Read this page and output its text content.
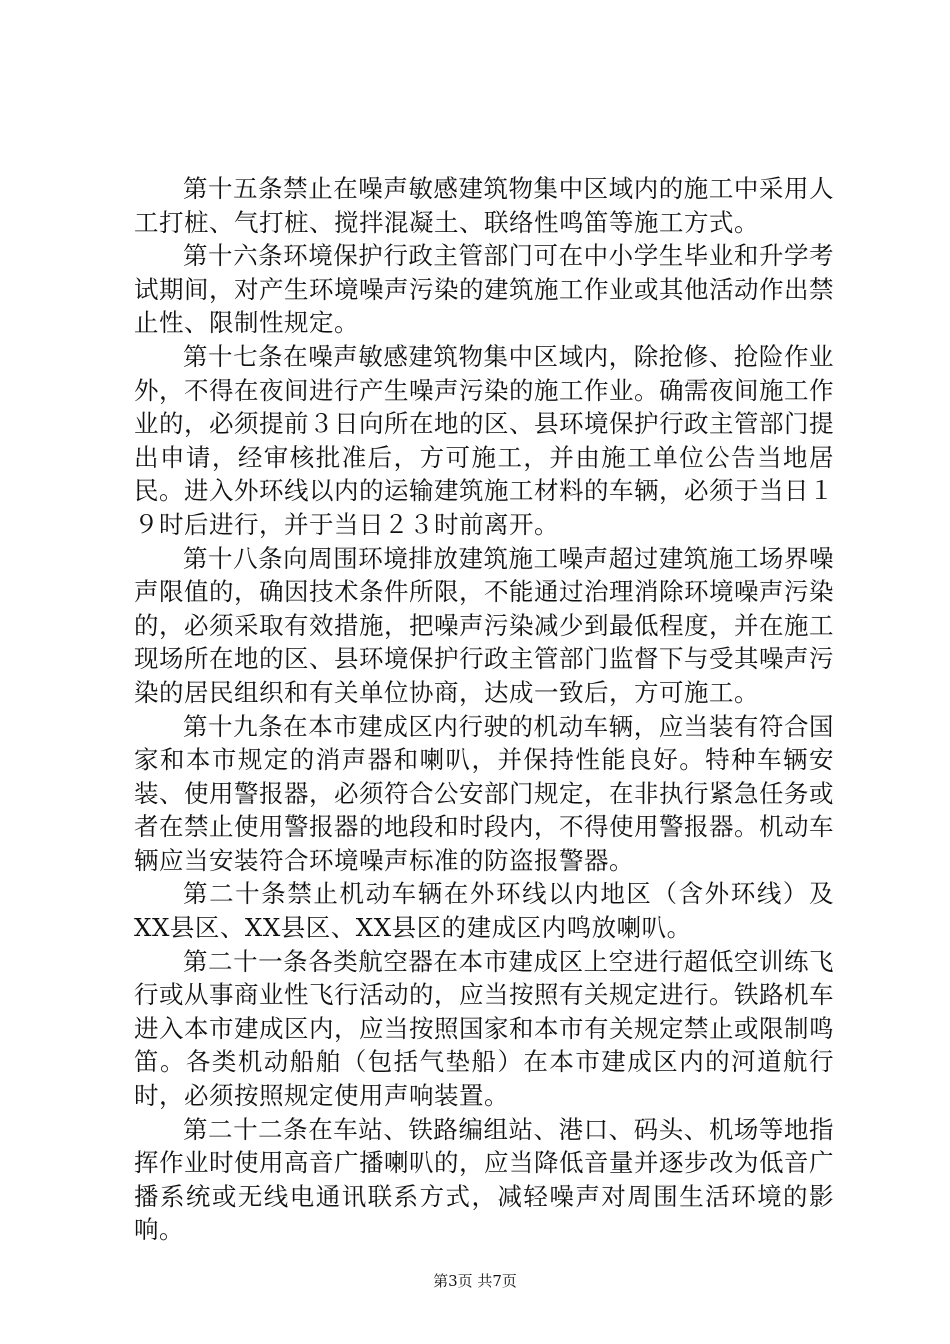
第十五条禁止在噪声敏感建筑物集中区域内的施工中采用人工打桩、气打桩、搅拌混凝土、联络性鸣笛等施工方式。

第十六条环境保护行政主管部门可在中小学生毕业和升学考试期间，对产生环境噪声污染的建筑施工作业或其他活动作出禁止性、限制性规定。

第十七条在噪声敏感建筑物集中区域内，除抢修、抢险作业外，不得在夜间进行产生噪声污染的施工作业。确需夜间施工作业的，必须提前３日向所在地的区、县环境保护行政主管部门提出申请，经审核批准后，方可施工，并由施工单位公告当地居民。进入外环线以内的运输建筑施工材料的车辆，必须于当日１９时后进行，并于当日２３时前离开。

第十八条向周围环境排放建筑施工噪声超过建筑施工场界噪声限值的，确因技术条件所限，不能通过治理消除环境噪声污染的，必须采取有效措施，把噪声污染减少到最低程度，并在施工现场所在地的区、县环境保护行政主管部门监督下与受其噪声污染的居民组织和有关单位协商，达成一致后，方可施工。

第十九条在本市建成区内行驶的机动车辆，应当装有符合国家和本市规定的消声器和喇叭，并保持性能良好。特种车辆安装、使用警报器，必须符合公安部门规定，在非执行紧急任务或者在禁止使用警报器的地段和时段内，不得使用警报器。机动车辆应当安装符合环境噪声标准的防盗报警器。

第二十条禁止机动车辆在外环线以内地区（含外环线）及XX县区、XX县区、XX县区的建成区内鸣放喇叭。

第二十一条各类航空器在本市建成区上空进行超低空训练飞行或从事商业性飞行活动的，应当按照有关规定进行。铁路机车进入本市建成区内，应当按照国家和本市有关规定禁止或限制鸣笛。各类机动船舶（包括气垫船）在本市建成区内的河道航行时，必须按照规定使用声响装置。

第二十二条在车站、铁路编组站、港口、码头、机场等地指挥作业时使用高音广播喇叭的，应当降低音量并逐步改为低音广播系统或无线电通讯联系方式，减轻噪声对周围生活环境的影响。

第3页 共7页
